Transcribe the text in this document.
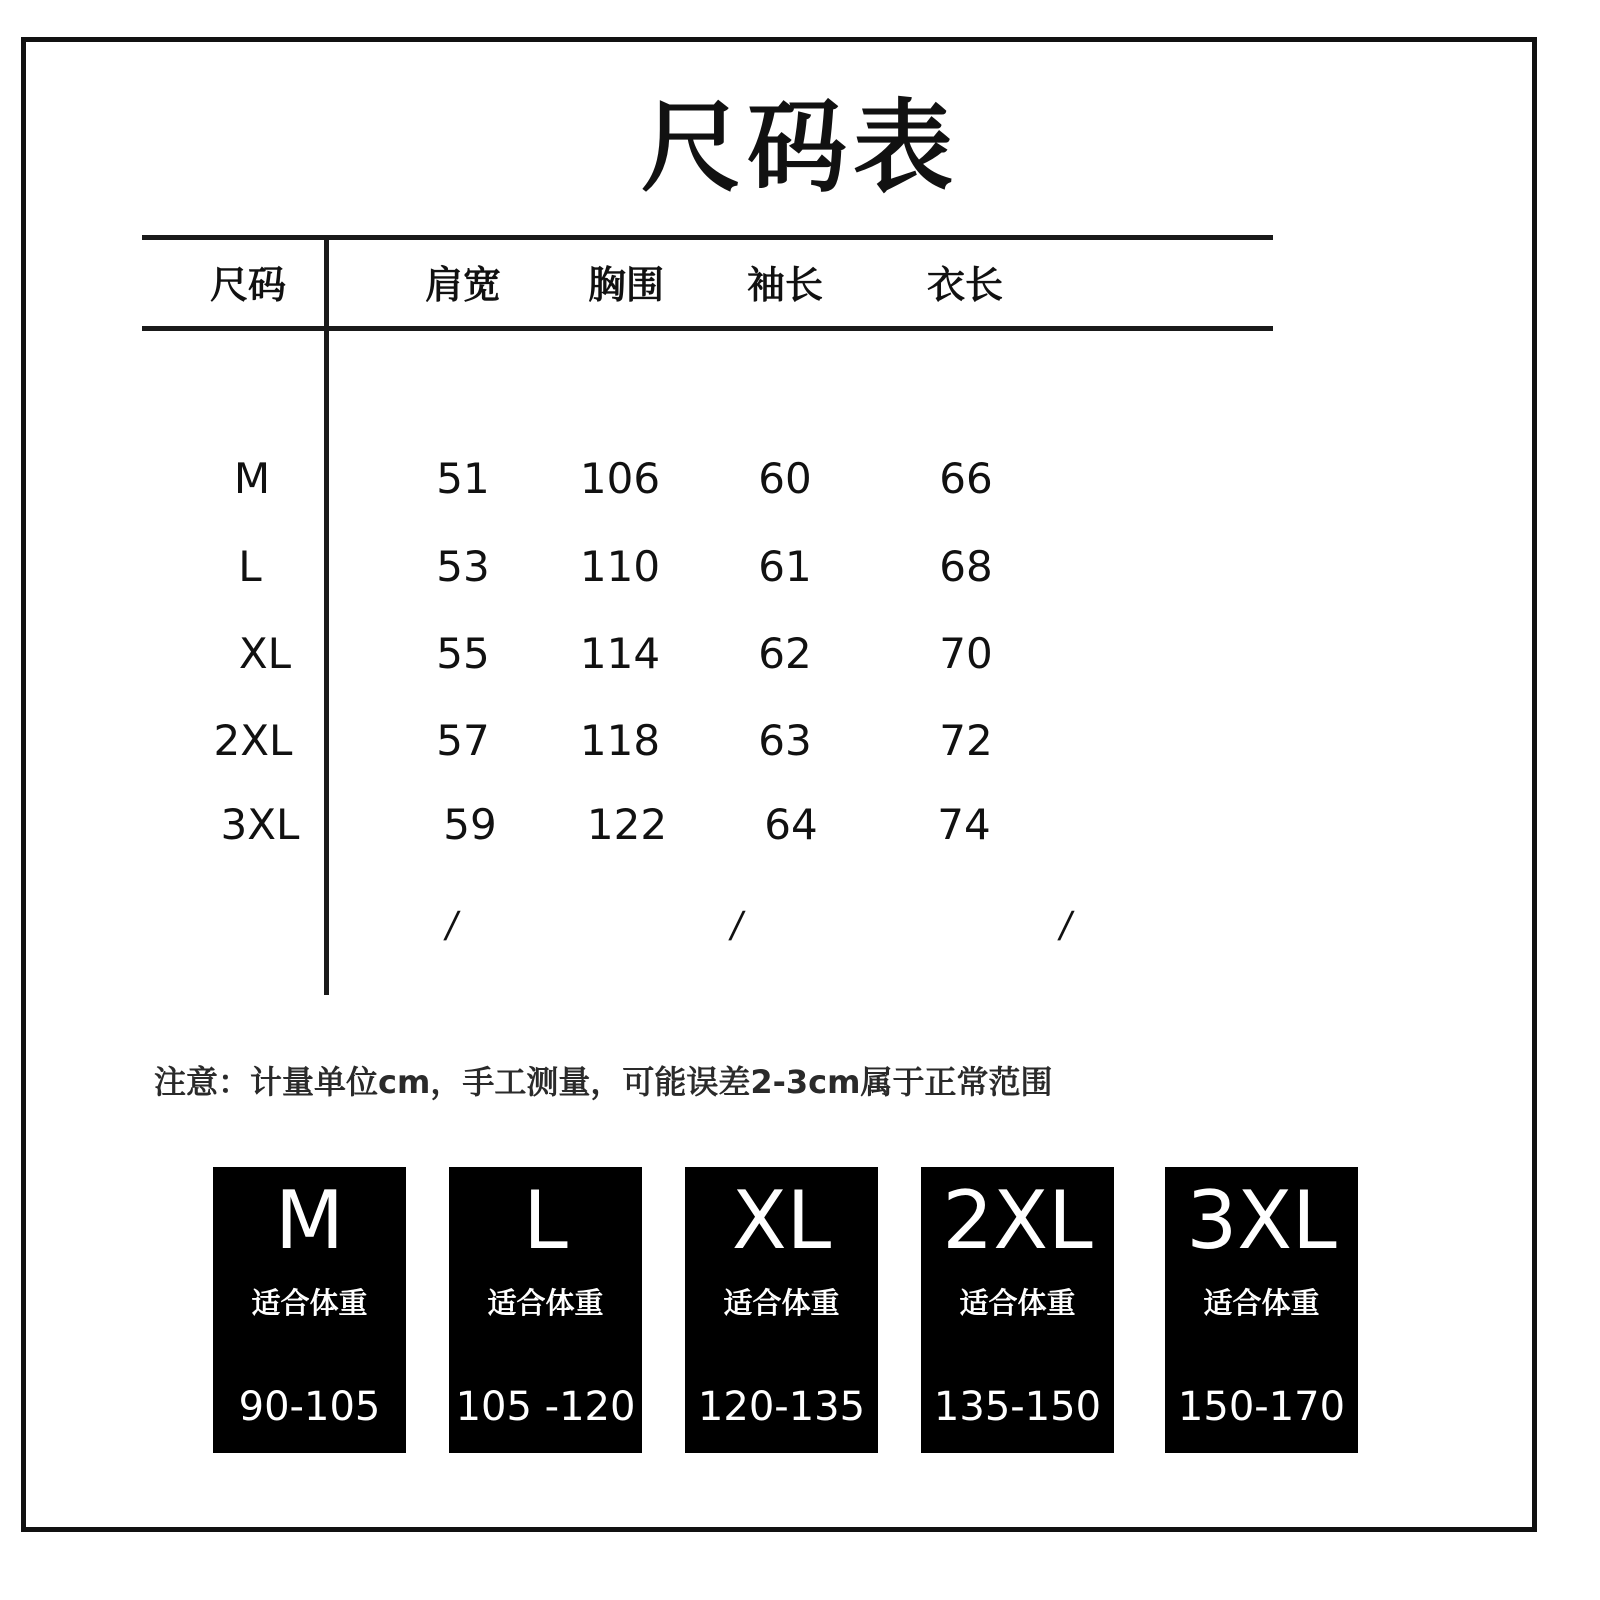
尺码表
尺码	肩宽 胸围 袖长	衣长
M	51 106 60	66
L	53 110 61	68
XL	55 114 62	70
2XL	57 118 63	72
3XL	59 122 64	74
/	/	/
注意：计量单位cm，手工测量，可能误差2-3cm属于正常范围
M
适合体重
90-105
L
适合体重
105 -120
XL
适合体重
120-135
2XL
适合体重
135-150
3XL
适合体重
150-170
